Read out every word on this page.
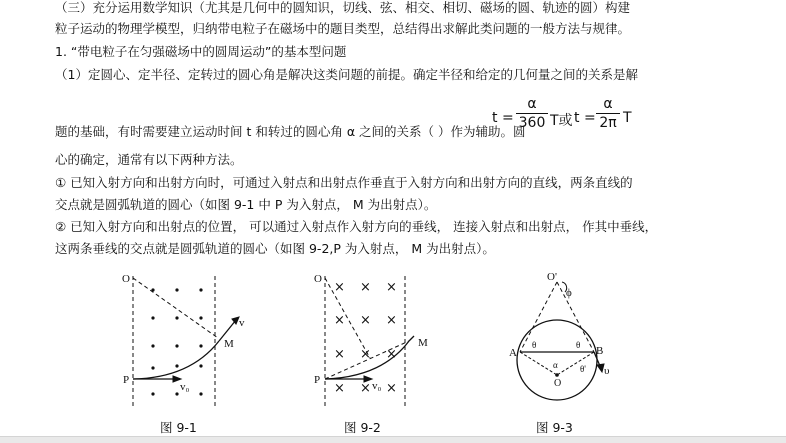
（三）充分运用数学知识（尤其是几何中的圆知识，切线、弦、相交、相切、磁场的圆、轨迹的圆）构建
粒子运动的物理学模型，归纳带电粒子在磁场中的题目类型，总结得出求解此类问题的一般方法与规律。
1. “带电粒子在匀强磁场中的圆周运动”的基本型问题
（1）定圆心、定半径、定转过的圆心角是解决这类问题的前提。确定半径和给定的几何量之间的关系是解
题的基础，有时需要建立运动时间 t 和转过的圆心角 α 之间的关系（ ）作为辅助。圆
心的确定，通常有以下两种方法。
① 已知入射方向和出射方向时，可通过入射点和出射点作垂直于入射方向和出射方向的直线，两条直线的
交点就是圆弧轨道的圆心（如图 9-1 中 P 为入射点， M 为出射点）。
② 已知入射方向和出射点的位置， 可以通过入射点作入射方向的垂线， 连接入射点和出射点， 作其中垂线，
这两条垂线的交点就是圆弧轨道的圆心（如图 9-2,P 为入射点， M 为出射点）。
t =
α
360 T或 t =
α
2π T
O
P
M
v
v₀
× × ×
× × ×
× × ×
× × ×
O
P
M
v₀
O'
ϕ
A	B
θ	θ
α
O
θ' υ
图 9-1	图 9-2	图 9-3
